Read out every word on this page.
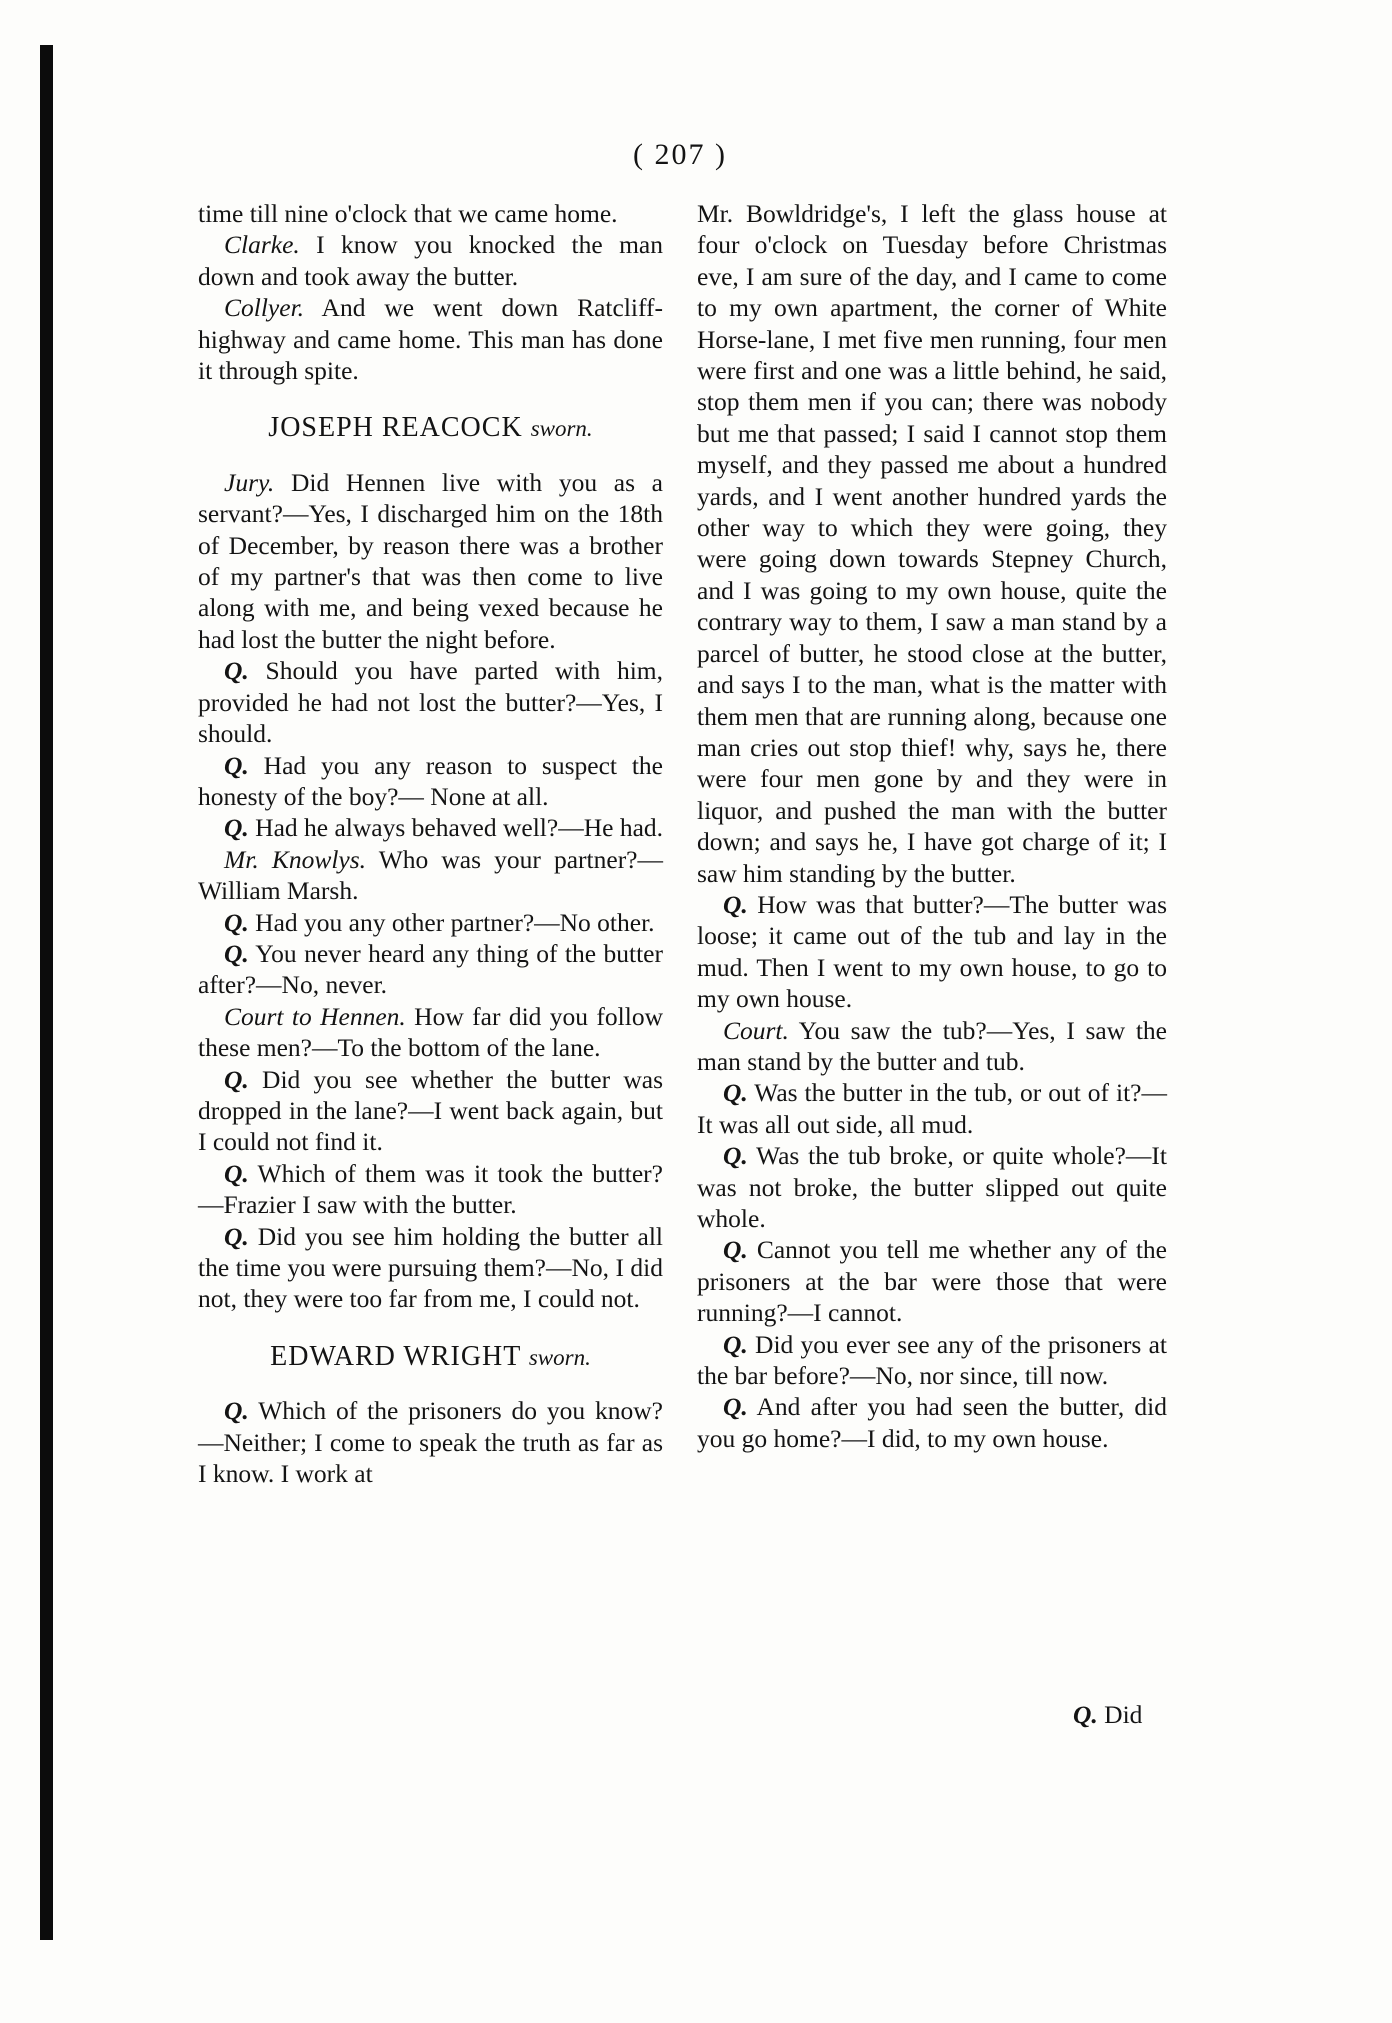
( 207 )

time till nine o'clock that we came home.

Clarke. I know you knocked the man down and took away the butter.

Collyer. And we went down Ratcliff-highway and came home. This man has done it through spite.

JOSEPH REACOCK sworn.

Jury. Did Hennen live with you as a servant?—Yes, I discharged him on the 18th of December, by reason there was a brother of my partner's that was then come to live along with me, and being vexed because he had lost the butter the night before.

Q. Should you have parted with him, provided he had not lost the butter?—Yes, I should.

Q. Had you any reason to suspect the honesty of the boy?— None at all.

Q. Had he always behaved well?—He had.

Mr. Knowlys. Who was your partner?—William Marsh.

Q. Had you any other partner?—No other.

Q. You never heard any thing of the butter after?—No, never.

Court to Hennen. How far did you follow these men?—To the bottom of the lane.

Q. Did you see whether the butter was dropped in the lane?—I went back again, but I could not find it.

Q. Which of them was it took the butter?—Frazier I saw with the butter.

Q. Did you see him holding the butter all the time you were pursuing them?—No, I did not, they were too far from me, I could not.

EDWARD WRIGHT sworn.

Q. Which of the prisoners do you know?—Neither; I come to speak the truth as far as I know. I work at

Mr. Bowldridge's, I left the glass house at four o'clock on Tuesday before Christmas eve, I am sure of the day, and I came to come to my own apartment, the corner of White Horse-lane, I met five men running, four men were first and one was a little behind, he said, stop them men if you can; there was nobody but me that passed; I said I cannot stop them myself, and they passed me about a hundred yards, and I went another hundred yards the other way to which they were going, they were going down towards Stepney Church, and I was going to my own house, quite the contrary way to them, I saw a man stand by a parcel of butter, he stood close at the butter, and says I to the man, what is the matter with them men that are running along, because one man cries out stop thief! why, says he, there were four men gone by and they were in liquor, and pushed the man with the butter down; and says he, I have got charge of it; I saw him standing by the butter.

Q. How was that butter?—The butter was loose; it came out of the tub and lay in the mud. Then I went to my own house, to go to my own house.

Court. You saw the tub?—Yes, I saw the man stand by the butter and tub.

Q. Was the butter in the tub, or out of it?—It was all out side, all mud.

Q. Was the tub broke, or quite whole?—It was not broke, the butter slipped out quite whole.

Q. Cannot you tell me whether any of the prisoners at the bar were those that were running?—I cannot.

Q. Did you ever see any of the prisoners at the bar before?—No, nor since, till now.

Q. And after you had seen the butter, did you go home?—I did, to my own house.

Q. Did
